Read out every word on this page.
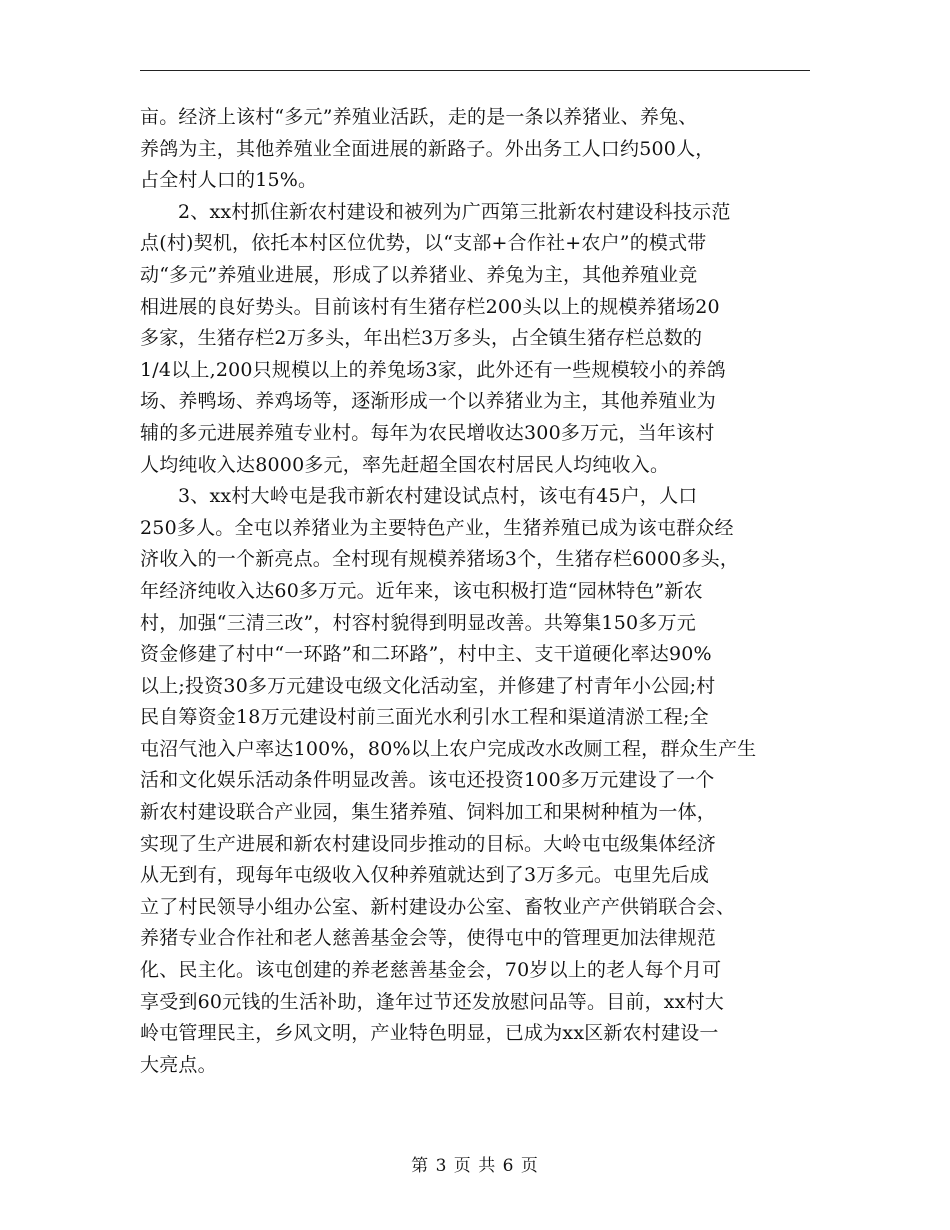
亩。经济上该村“多元”养殖业活跃，走的是一条以养猪业、养兔、
养鸽为主，其他养殖业全面进展的新路子。外出务工人口约500人，
占全村人口的15%。
2、xx村抓住新农村建设和被列为广西第三批新农村建设科技示范
点(村)契机，依托本村区位优势，以“支部+合作社+农户”的模式带
动“多元”养殖业进展，形成了以养猪业、养兔为主，其他养殖业竞
相进展的良好势头。目前该村有生猪存栏200头以上的规模养猪场20
多家，生猪存栏2万多头，年出栏3万多头，占全镇生猪存栏总数的
1/4以上,200只规模以上的养兔场3家，此外还有一些规模较小的养鸽
场、养鸭场、养鸡场等，逐渐形成一个以养猪业为主，其他养殖业为
辅的多元进展养殖专业村。每年为农民增收达300多万元，当年该村
人均纯收入达8000多元，率先赶超全国农村居民人均纯收入。
3、xx村大岭屯是我市新农村建设试点村，该屯有45户，人口
250多人。全屯以养猪业为主要特色产业，生猪养殖已成为该屯群众经
济收入的一个新亮点。全村现有规模养猪场3个，生猪存栏6000多头，
年经济纯收入达60多万元。近年来，该屯积极打造“园林特色”新农
村，加强“三清三改”，村容村貌得到明显改善。共筹集150多万元
资金修建了村中“一环路”和二环路”，村中主、支干道硬化率达90%
以上;投资30多万元建设屯级文化活动室，并修建了村青年小公园;村
民自筹资金18万元建设村前三面光水利引水工程和渠道清淤工程;全
屯沼气池入户率达100%，80%以上农户完成改水改厕工程，群众生产生
活和文化娱乐活动条件明显改善。该屯还投资100多万元建设了一个
新农村建设联合产业园，集生猪养殖、饲料加工和果树种植为一体，
实现了生产进展和新农村建设同步推动的目标。大岭屯屯级集体经济
从无到有，现每年屯级收入仅种养殖就达到了3万多元。屯里先后成
立了村民领导小组办公室、新村建设办公室、畜牧业产产供销联合会、
养猪专业合作社和老人慈善基金会等，使得屯中的管理更加法律规范
化、民主化。该屯创建的养老慈善基金会，70岁以上的老人每个月可
享受到60元钱的生活补助，逢年过节还发放慰问品等。目前，xx村大
岭屯管理民主，乡风文明，产业特色明显，已成为xx区新农村建设一
大亮点。
第 3 页 共 6 页
